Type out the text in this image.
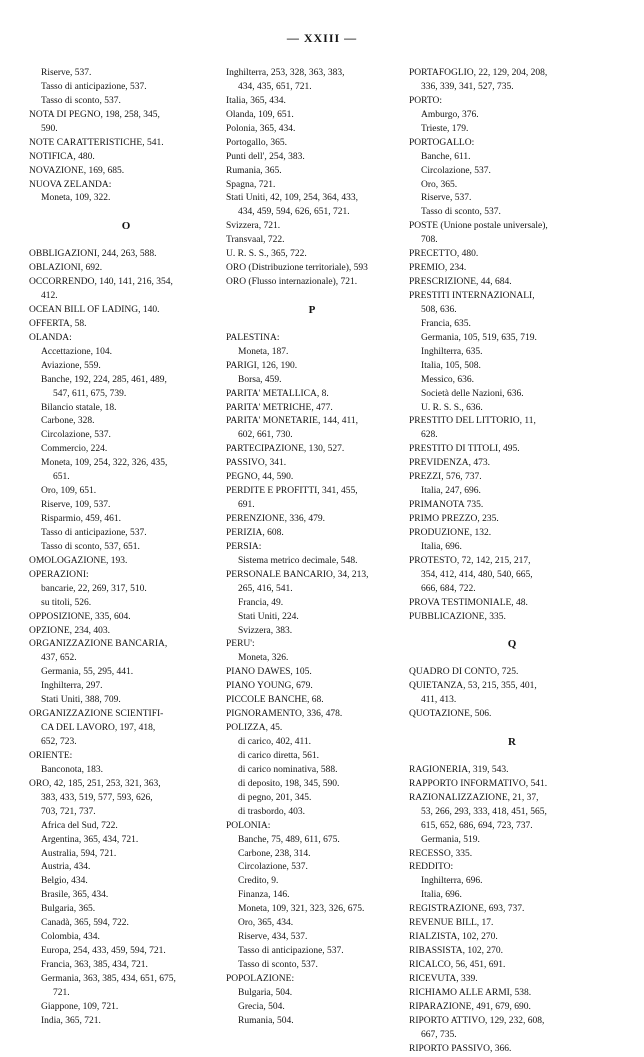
— XXIII —
Riserve, 537.
Tasso di anticipazione, 537.
Tasso di sconto, 537.
NOTA DI PEGNO, 198, 258, 345,
590.
NOTE CARATTERISTICHE, 541.
NOTIFICA, 480.
NOVAZIONE, 169, 685.
NUOVA ZELANDA:
Moneta, 109, 322.
O
OBBLIGAZIONI, 244, 263, 588.
OBLAZIONI, 692.
OCCORRENDO, 140, 141, 216, 354,
412.
OCEAN BILL OF LADING, 140.
OFFERTA, 58.
OLANDA:
Accettazione, 104.
Aviazione, 559.
Banche, 192, 224, 285, 461, 489,
547, 611, 675, 739.
Bilancio statale, 18.
Carbone, 328.
Circolazione, 537.
Commercio, 224.
Moneta, 109, 254, 322, 326, 435,
651.
Oro, 109, 651.
Riserve, 109, 537.
Risparmio, 459, 461.
Tasso di anticipazione, 537.
Tasso di sconto, 537, 651.
OMOLOGAZIONE, 193.
OPERAZIONI:
bancarie, 22, 269, 317, 510.
su titoli, 526.
OPPOSIZIONE, 335, 604.
OPZIONE, 234, 403.
ORGANIZZAZIONE BANCARIA,
437, 652.
Germania, 55, 295, 441.
Inghilterra, 297.
Stati Uniti, 388, 709.
ORGANIZZAZIONE SCIENTIFI-
CA DEL LAVORO, 197, 418,
652, 723.
ORIENTE:
Banconota, 183.
ORO, 42, 185, 251, 253, 321, 363,
383, 433, 519, 577, 593, 626,
703, 721, 737.
Africa del Sud, 722.
Argentina, 365, 434, 721.
Australia, 594, 721.
Austria, 434.
Belgio, 434.
Brasile, 365, 434.
Bulgaria, 365.
Canadà, 365, 594, 722.
Colombia, 434.
Europa, 254, 433, 459, 594, 721.
Francia, 363, 385, 434, 721.
Germania, 363, 385, 434, 651, 675,
721.
Giappone, 109, 721.
India, 365, 721.
Inghilterra, 253, 328, 363, 383,
434, 435, 651, 721.
Italia, 365, 434.
Olanda, 109, 651.
Polonia, 365, 434.
Portogallo, 365.
Punti dell', 254, 383.
Rumania, 365.
Spagna, 721.
Stati Uniti, 42, 109, 254, 364, 433,
434, 459, 594, 626, 651, 721.
Svizzera, 721.
Transvaal, 722.
U. R. S. S., 365, 722.
ORO (Distribuzione territoriale), 593
ORO (Flusso internazionale), 721.
P
PALESTINA:
Moneta, 187.
PARIGI, 126, 190.
Borsa, 459.
PARITA' METALLICA, 8.
PARITA' METRICHE, 477.
PARITA' MONETARIE, 144, 411,
602, 661, 730.
PARTECIPAZIONE, 130, 527.
PASSIVO, 341.
PEGNO, 44, 590.
PERDITE E PROFITTI, 341, 455,
691.
PERENZIONE, 336, 479.
PERIZIA, 608.
PERSIA:
Sistema metrico decimale, 548.
PERSONALE BANCARIO, 34, 213,
265, 416, 541.
Francia, 49.
Stati Uniti, 224.
Svizzera, 383.
PERU':
Moneta, 326.
PIANO DAWES, 105.
PIANO YOUNG, 679.
PICCOLE BANCHE, 68.
PIGNORAMENTO, 336, 478.
POLIZZA, 45.
di carico, 402, 411.
di carico diretta, 561.
di carico nominativa, 588.
di deposito, 198, 345, 590.
di pegno, 201, 345.
di trasbordo, 403.
POLONIA:
Banche, 75, 489, 611, 675.
Carbone, 238, 314.
Circolazione, 537.
Credito, 9.
Finanza, 146.
Moneta, 109, 321, 323, 326, 675.
Oro, 365, 434.
Riserve, 434, 537.
Tasso di anticipazione, 537.
Tasso di sconto, 537.
POPOLAZIONE:
Bulgaria, 504.
Grecia, 504.
Rumania, 504.
PORTAFOGLIO, 22, 129, 204, 208,
336, 339, 341, 527, 735.
PORTO:
Amburgo, 376.
Trieste, 179.
PORTOGALLO:
Banche, 611.
Circolazione, 537.
Oro, 365.
Riserve, 537.
Tasso di sconto, 537.
POSTE (Unione postale universale),
708.
PRECETTO, 480.
PREMIO, 234.
PRESCRIZIONE, 44, 684.
PRESTITI INTERNAZIONALI,
508, 636.
Francia, 635.
Germania, 105, 519, 635, 719.
Inghilterra, 635.
Italia, 105, 508.
Messico, 636.
Società delle Nazioni, 636.
U. R. S. S., 636.
PRESTITO DEL LITTORIO, 11,
628.
PRESTITO DI TITOLI, 495.
PREVIDENZA, 473.
PREZZI, 576, 737.
Italia, 247, 696.
PRIMANOTA 735.
PRIMO PREZZO, 235.
PRODUZIONE, 132.
Italia, 696.
PROTESTO, 72, 142, 215, 217,
354, 412, 414, 480, 540, 665,
666, 684, 722.
PROVA TESTIMONIALE, 48.
PUBBLICAZIONE, 335.
Q
QUADRO DI CONTO, 725.
QUIETANZA, 53, 215, 355, 401,
411, 413.
QUOTAZIONE, 506.
R
RAGIONERIA, 319, 543.
RAPPORTO INFORMATIVO, 541.
RAZIONALIZZAZIONE, 21, 37,
53, 266, 293, 333, 418, 451, 565,
615, 652, 686, 694, 723, 737.
Germania, 519.
RECESSO, 335.
REDDITO:
Inghilterra, 696.
Italia, 696.
REGISTRAZIONE, 693, 737.
REVENUE BILL, 17.
RIALZISTA, 102, 270.
RIBASSISTA, 102, 270.
RICALCO, 56, 451, 691.
RICEVUTA, 339.
RICHIAMO ALLE ARMI, 538.
RIPARAZIONE, 491, 679, 690.
RIPORTO ATTIVO, 129, 232, 608,
667, 735.
RIPORTO PASSIVO, 366.
